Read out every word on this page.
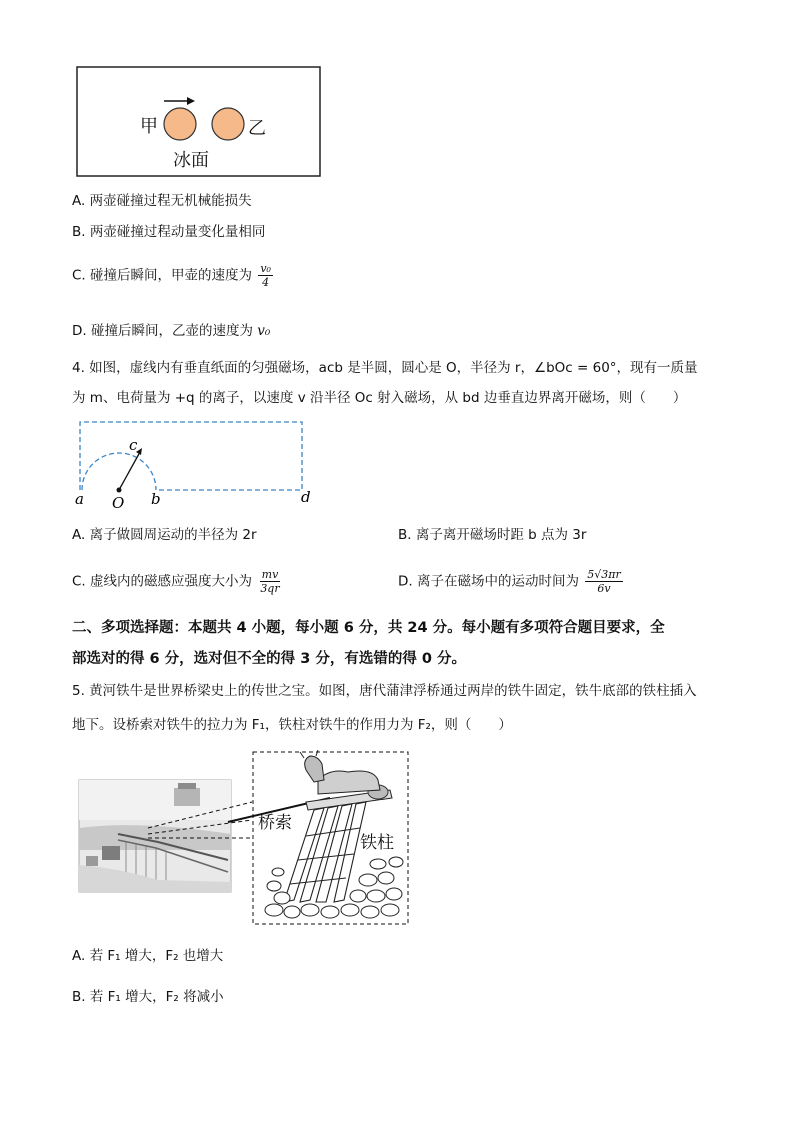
甲	乙
冰面
A. 两壶碰撞过程无机械能损失
B. 两壶碰撞过程动量变化量相同
C. 碰撞后瞬间，甲壶的速度为 $\frac{\text{v₀}}{4}$
D. 碰撞后瞬间，乙壶的速度为 v₀
4. 如图，虚线内有垂直纸面的匀强磁场，acb 是半圆，圆心是 O，半径为 r，∠bOc = 60°，现有一质量
为 m、电荷量为 +q 的离子，以速度 v 沿半径 Oc 射入磁场，从 bd 边垂直边界离开磁场，则（　　）
a	b
c
d
O
A. 离子做圆周运动的半径为 2r	B. 离子离开磁场时距 b 点为 3r
C. 虚线内的磁感应强度大小为 $\frac{mv}{3qr}$	D. 离子在磁场中的运动时间为 $\frac{5√3\pi r}{6v}$
二、多项选择题：本题共 4 小题，每小题 6 分，共 24 分。每小题有多项符合题目要求，全
部选对的得 6 分，选对但不全的得 3 分，有选错的得 0 分。
5. 黄河铁牛是世界桥梁史上的传世之宝。如图，唐代蒲津浮桥通过两岸的铁牛固定，铁牛底部的铁柱插入
地下。设桥索对铁牛的拉力为 F₁，铁柱对铁牛的作用力为 F₂，则（　　）
桥索
铁柱
A. 若 F₁ 增大，F₂ 也增大
B. 若 F₁ 增大，F₂ 将减小
